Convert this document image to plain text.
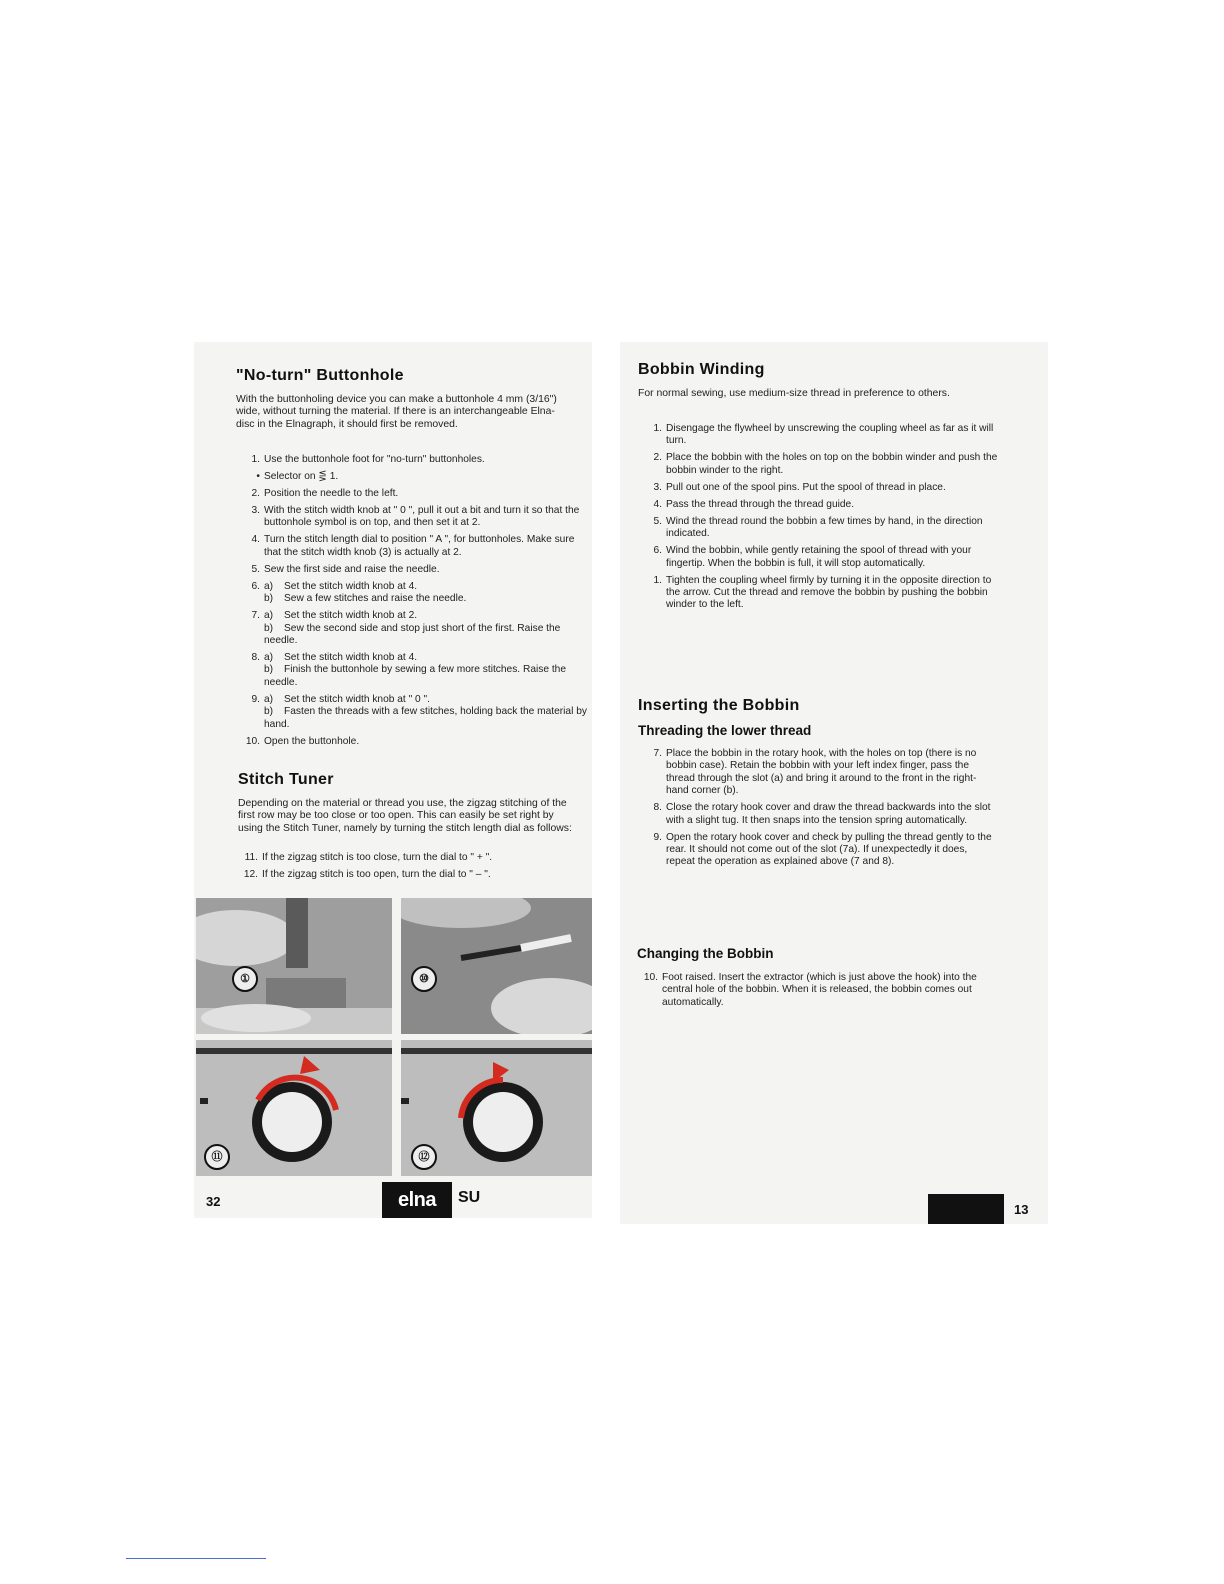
"No-turn" Buttonhole
With the buttonholing device you can make a buttonhole 4 mm (3/16") wide, without turning the material. If there is an interchangeable Elna-disc in the Elnagraph, it should first be removed.
1. Use the buttonhole foot for "no-turn" buttonholes.
• Selector on ⋚ 1.
2. Position the needle to the left.
3. With the stitch width knob at " 0 ", pull it out a bit and turn it so that the buttonhole symbol is on top, and then set it at 2.
4. Turn the stitch length dial to position " A ", for buttonholes. Make sure that the stitch width knob (3) is actually at 2.
5. Sew the first side and raise the needle.
6. a) Set the stitch width knob at 4.
b) Sew a few stitches and raise the needle.
7. a) Set the stitch width knob at 2.
b) Sew the second side and stop just short of the first. Raise the needle.
8. a) Set the stitch width knob at 4.
b) Finish the buttonhole by sewing a few more stitches. Raise the needle.
9. a) Set the stitch width knob at " 0 ".
b) Fasten the threads with a few stitches, holding back the material by hand.
10. Open the buttonhole.
Stitch Tuner
Depending on the material or thread you use, the zigzag stitching of the first row may be too close or too open. This can easily be set right by using the Stitch Tuner, namely by turning the stitch length dial as follows:
11. If the zigzag stitch is too close, turn the dial to " + ".
12. If the zigzag stitch is too open, turn the dial to " – ".
①	⑩
⑪	⑫
32	elna	SU
Bobbin Winding
For normal sewing, use medium-size thread in preference to others.
1. Disengage the flywheel by unscrewing the coupling wheel as far as it will turn.
2. Place the bobbin with the holes on top on the bobbin winder and push the bobbin winder to the right.
3. Pull out one of the spool pins. Put the spool of thread in place.
4. Pass the thread through the thread guide.
5. Wind the thread round the bobbin a few times by hand, in the direction indicated.
6. Wind the bobbin, while gently retaining the spool of thread with your fingertip. When the bobbin is full, it will stop automatically.
1. Tighten the coupling wheel firmly by turning it in the opposite direction to the arrow. Cut the thread and remove the bobbin by pushing the bobbin winder to the left.
Inserting the Bobbin
Threading the lower thread
7. Place the bobbin in the rotary hook, with the holes on top (there is no bobbin case). Retain the bobbin with your left index finger, pass the thread through the slot (a) and bring it around to the front in the right-hand corner (b).
8. Close the rotary hook cover and draw the thread backwards into the slot with a slight tug. It then snaps into the tension spring automatically.
9. Open the rotary hook cover and check by pulling the thread gently to the rear. It should not come out of the slot (7a). If unexpectedly it does, repeat the operation as explained above (7 and 8).
Changing the Bobbin
10. Foot raised. Insert the extractor (which is just above the hook) into the central hole of the bobbin. When it is released, the bobbin comes out automatically.
13
